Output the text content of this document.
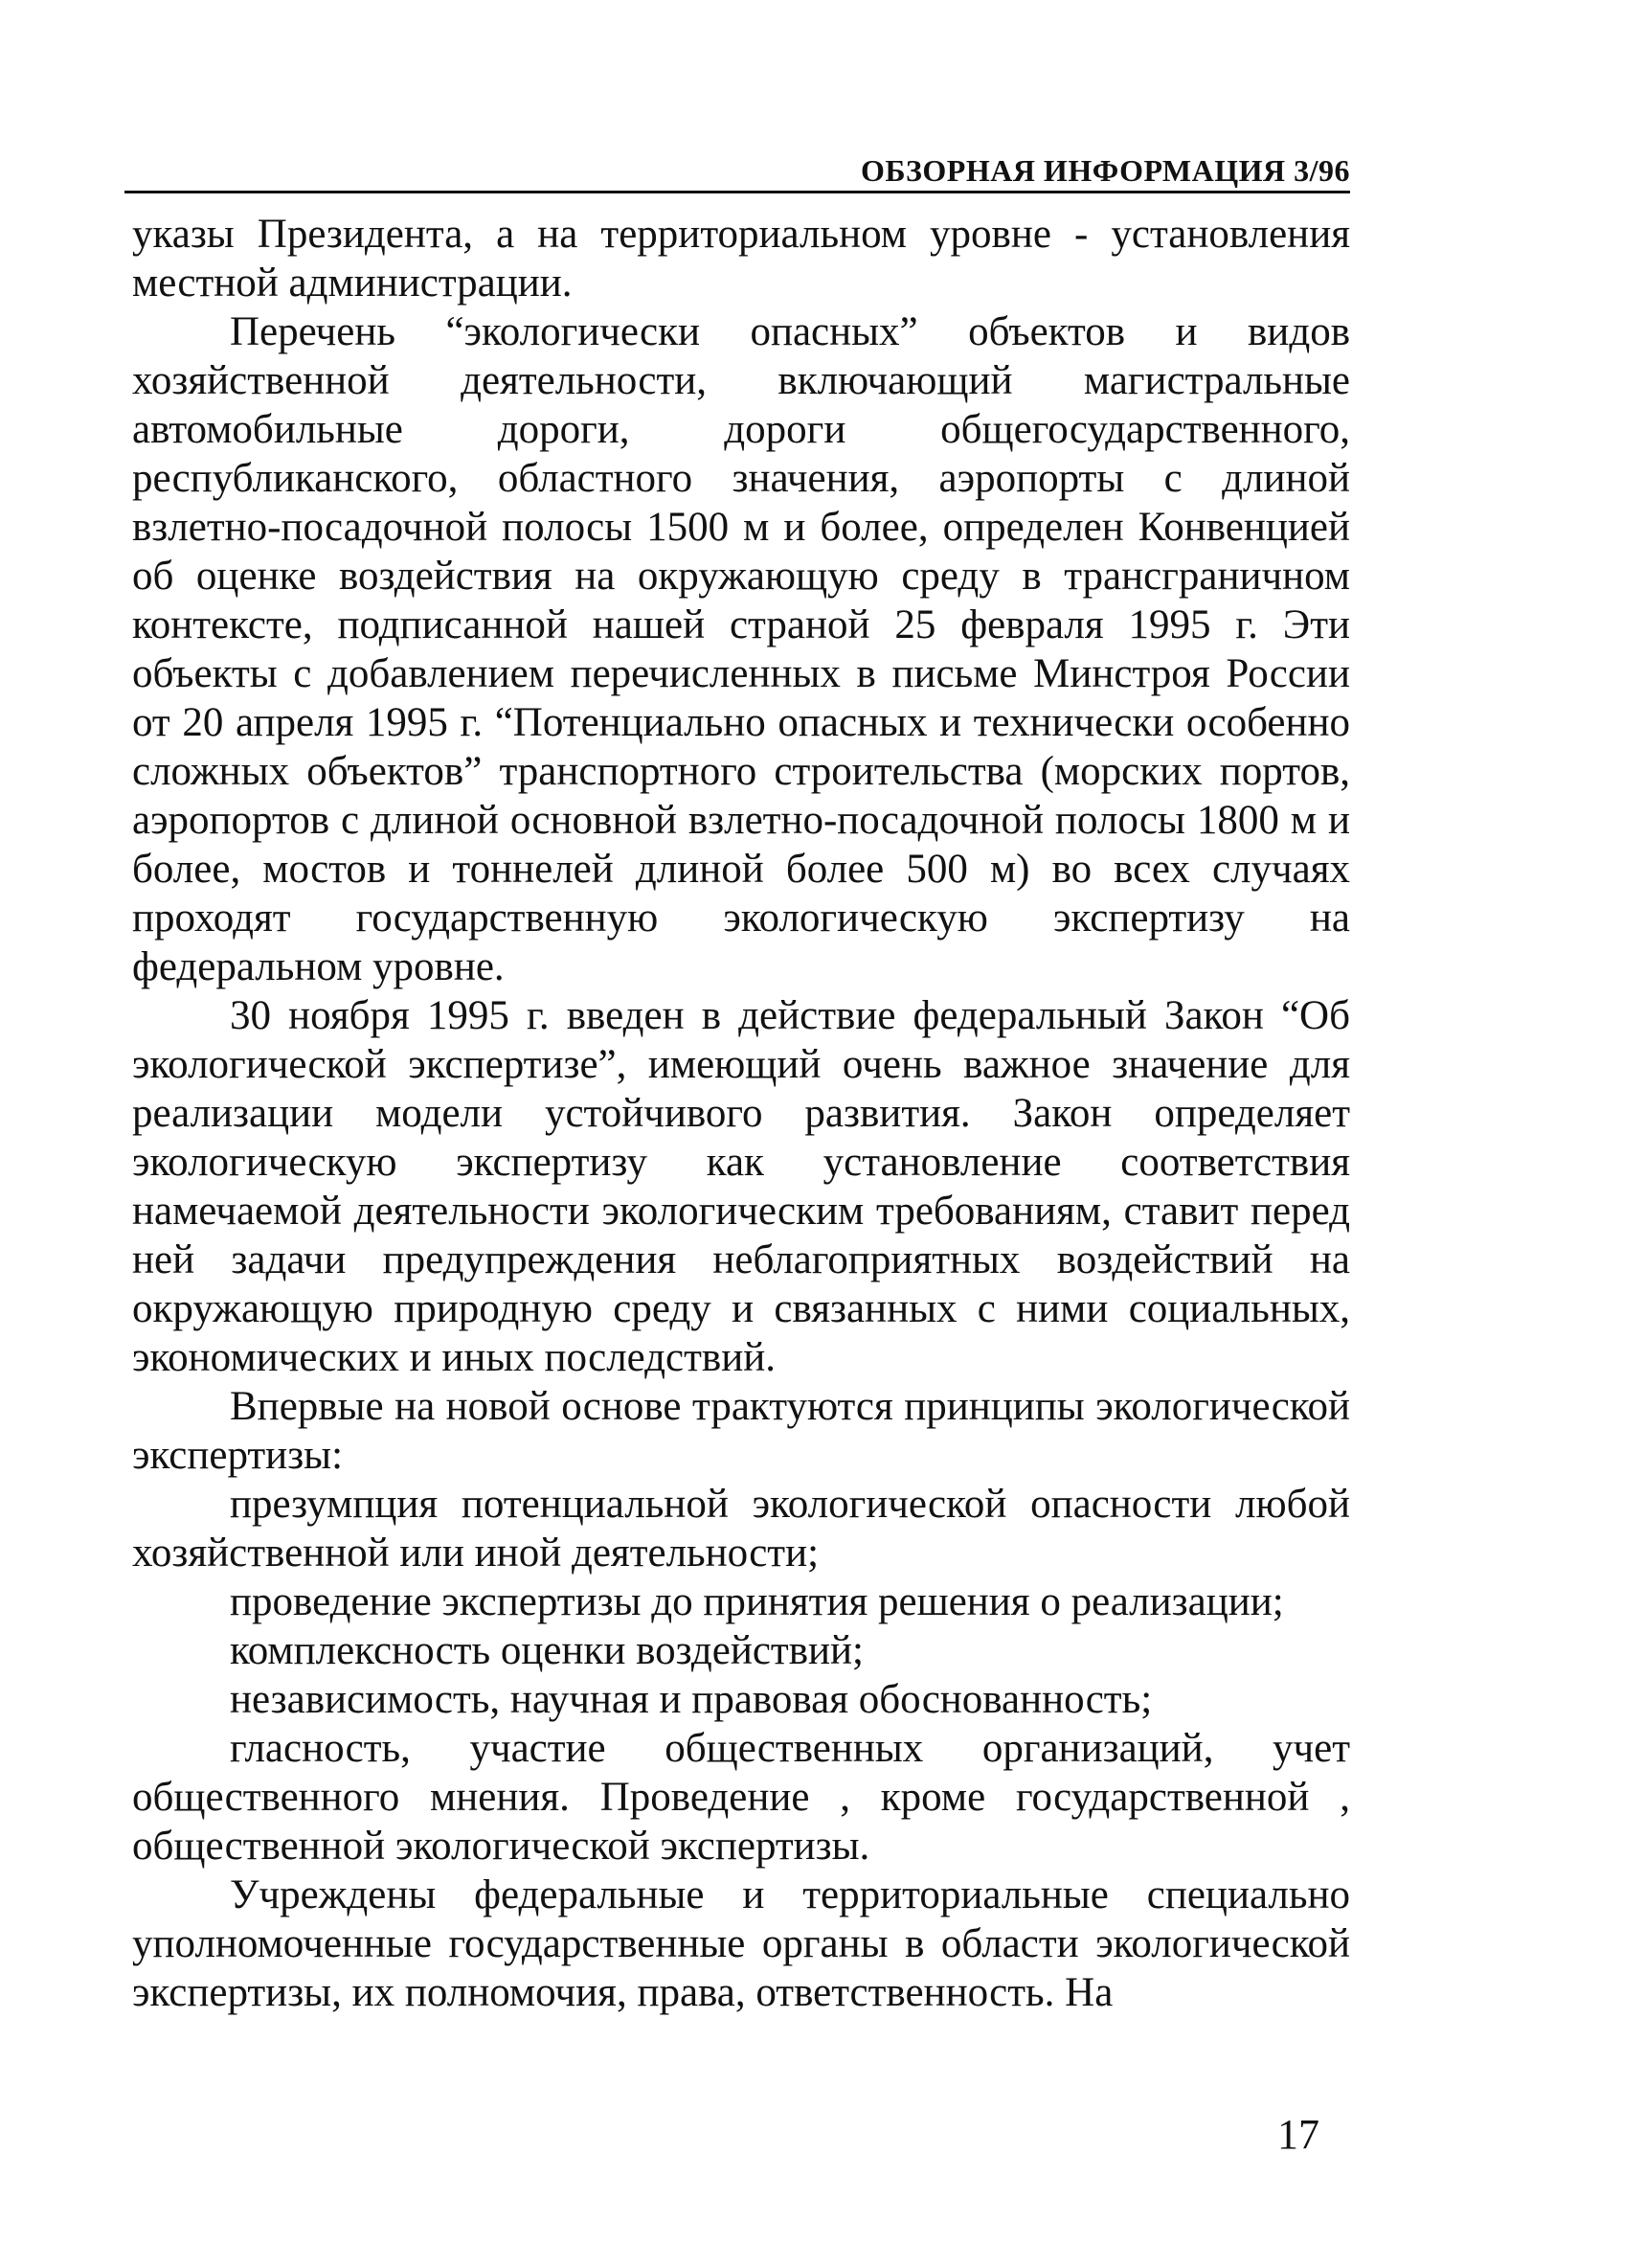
ОБЗОРНАЯ ИНФОРМАЦИЯ 3/96

указы Президента, а на территориальном уровне - установления местной администрации.

Перечень “экологически опасных” объектов и видов хозяйственной деятельности, включающий магистральные автомобильные дороги, дороги общегосударственного, республиканского, областного значения, аэропорты с длиной взлетно-посадочной полосы 1500 м и более, определен Конвенцией об оценке воздействия на окружающую среду в трансграничном контексте, подписанной нашей страной 25 февраля 1995 г. Эти объекты с добавлением перечисленных в письме Минстроя России от 20 апреля 1995 г. “Потенциально опасных и технически особенно сложных объектов” транспортного строительства (морских портов, аэропортов с длиной основной взлетно-посадочной полосы 1800 м и более, мостов и тоннелей длиной более 500 м) во всех случаях проходят государственную экологическую экспертизу на федеральном уровне.

30 ноября 1995 г. введен в действие федеральный Закон “Об экологической экспертизе”, имеющий очень важное значение для реализации модели устойчивого развития. Закон определяет экологическую экспертизу как установление соответствия намечаемой деятельности экологическим требованиям, ставит перед ней задачи предупреждения неблагоприятных воздействий на окружающую природную среду и связанных с ними социальных, экономических и иных последствий.

Впервые на новой основе трактуются принципы экологической экспертизы:

презумпция потенциальной экологической опасности любой хозяйственной или иной деятельности;

проведение экспертизы до принятия решения о реализации;

комплексность оценки воздействий;

независимость, научная и правовая обоснованность;

гласность, участие общественных организаций, учет общественного мнения. Проведение , кроме государственной , общественной экологической экспертизы.

Учреждены федеральные и территориальные специально уполномоченные государственные органы в области экологической экспертизы, их полномочия, права, ответственность. На

17
